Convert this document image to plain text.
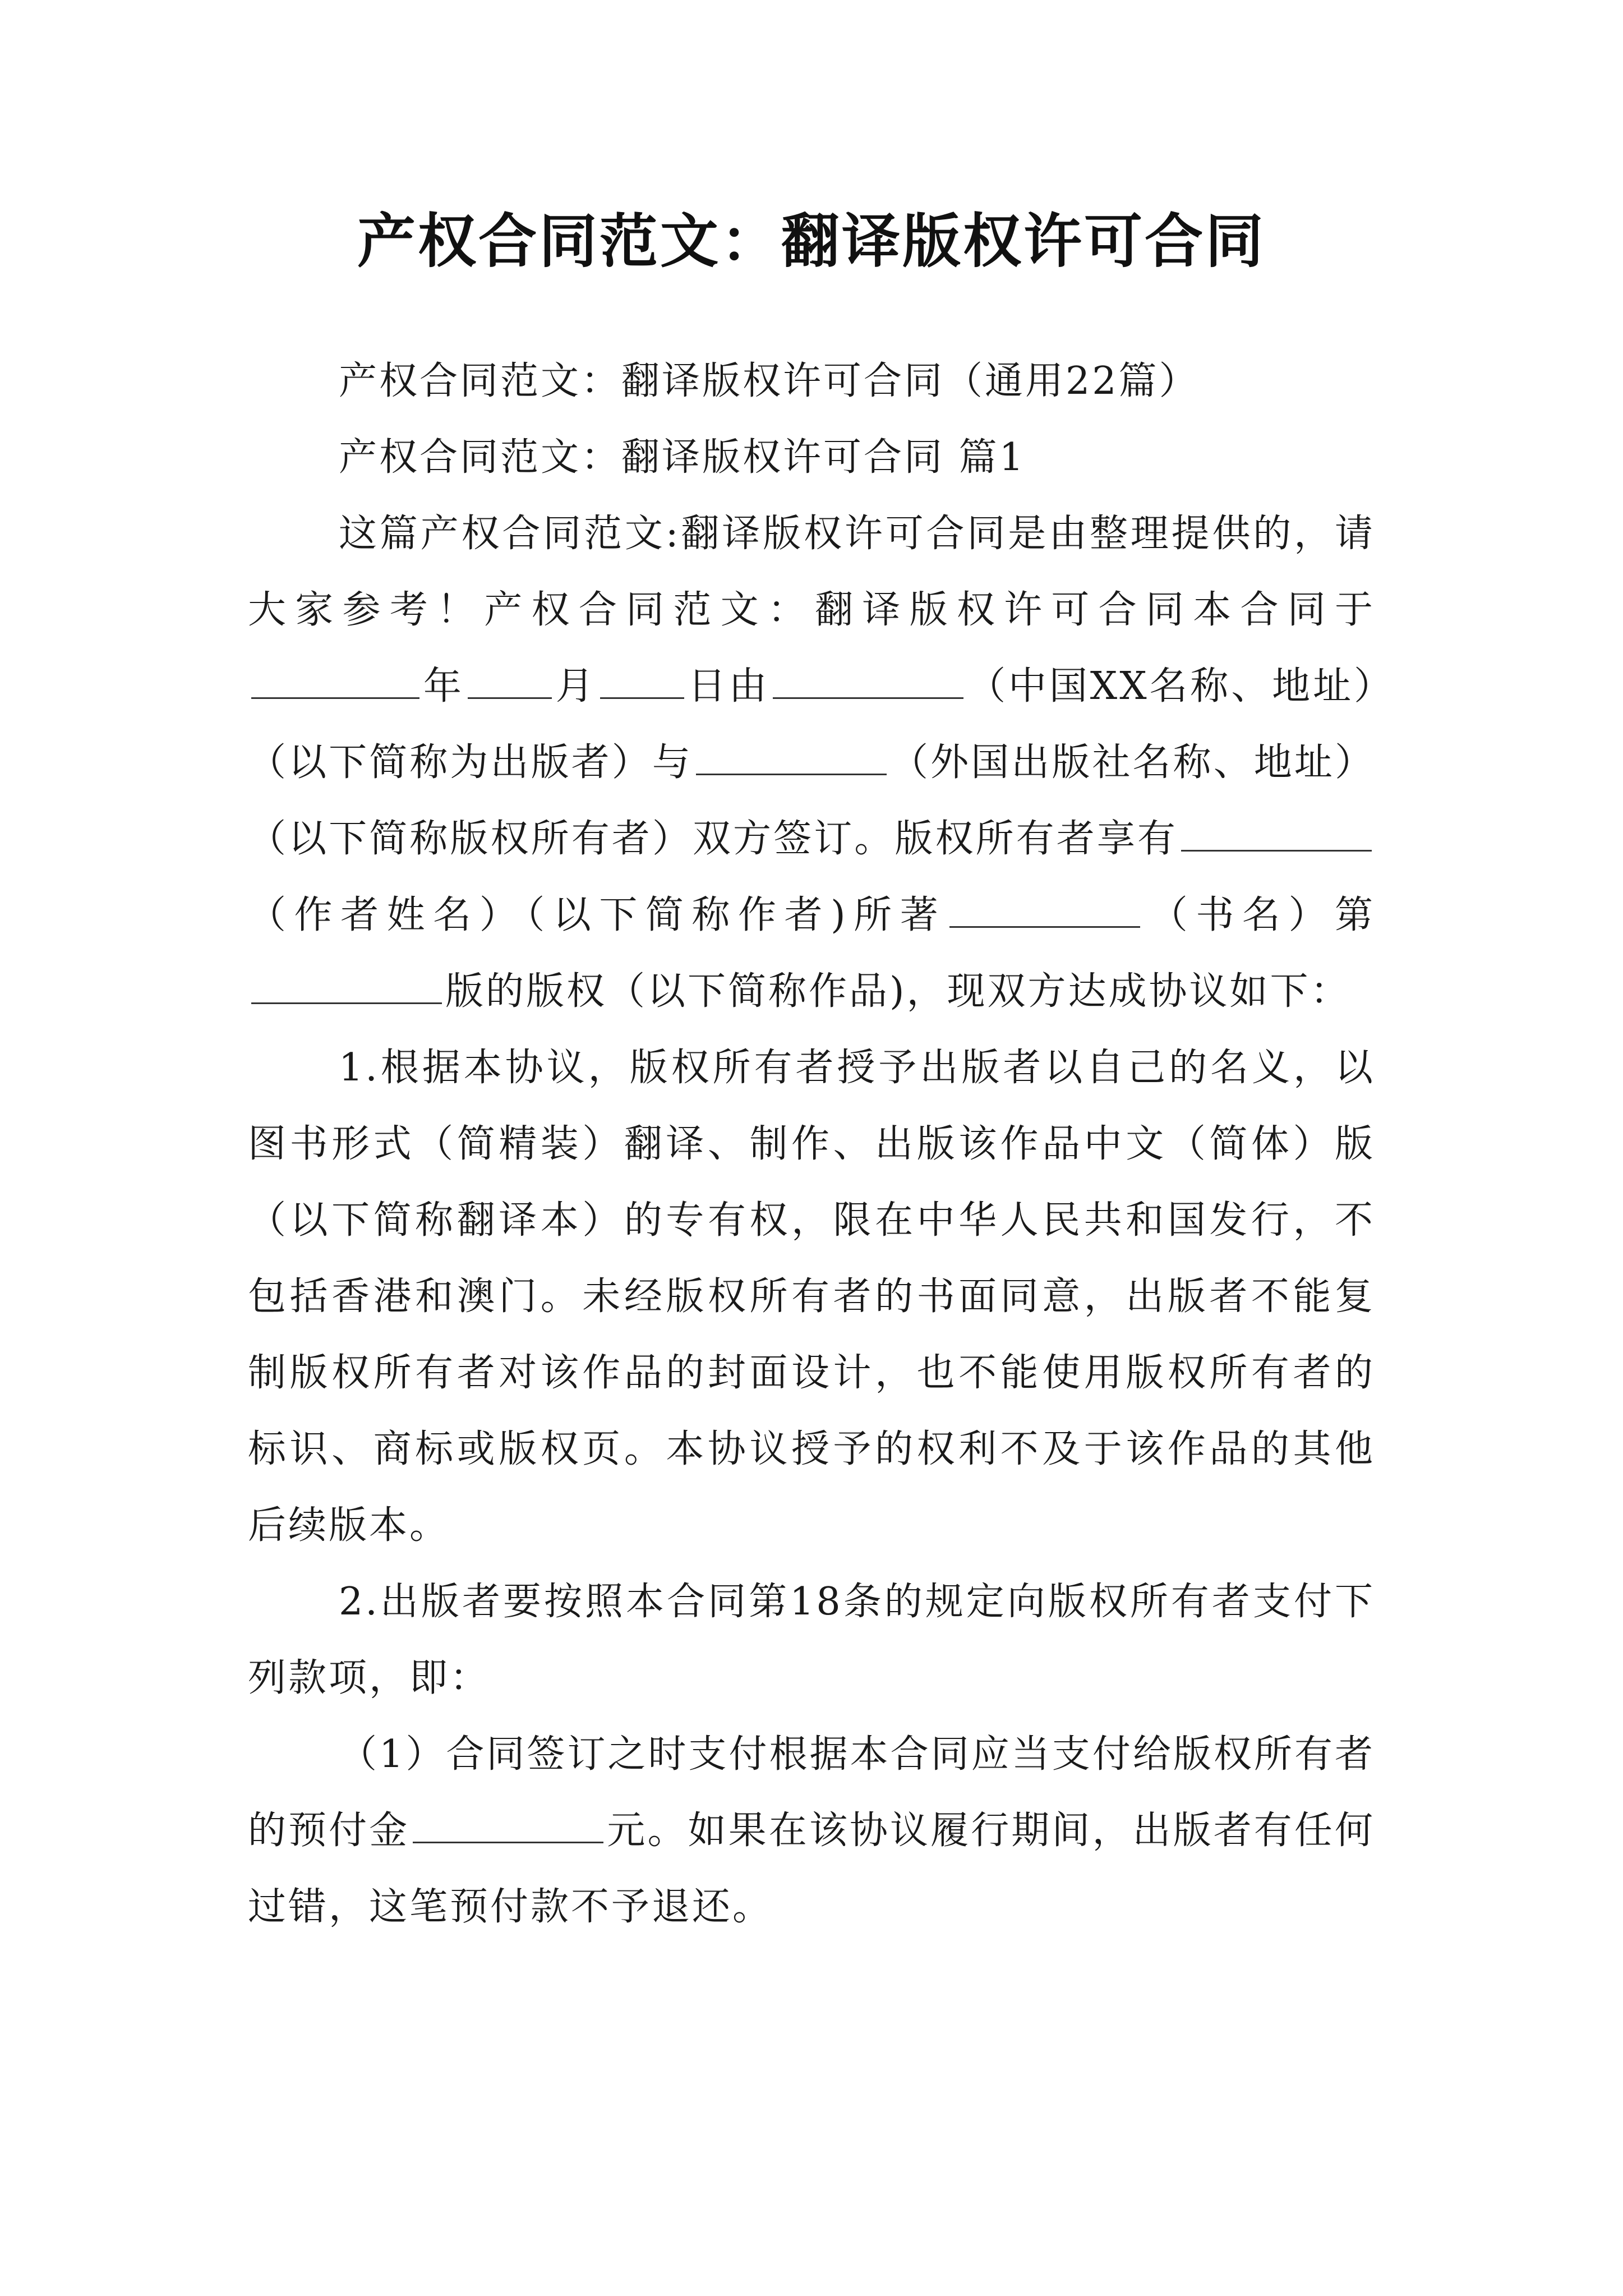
产权合同范文：翻译版权许可合同

产权合同范文：翻译版权许可合同（通用22篇）

产权合同范文：翻译版权许可合同 篇1

这篇产权合同范文:翻译版权许可合同是由整理提供的，请大家参考！产权合同范文：翻译版权许可合同本合同于年 月 日由	（中国XX名称、地址）（以下简称为出版者）与	（外国出版社名称、地址）（以下简称版权所有者）双方签订。版权所有者享有（作者姓名）（以下简称作者)所著	（书名）第版的版权（以下简称作品)，现双方达成协议如下：

1.根据本协议，版权所有者授予出版者以自己的名义，以图书形式（简精装）翻译、制作、出版该作品中文（简体）版（以下简称翻译本）的专有权，限在中华人民共和国发行，不包括香港和澳门。未经版权所有者的书面同意，出版者不能复制版权所有者对该作品的封面设计，也不能使用版权所有者的标识、商标或版权页。本协议授予的权利不及于该作品的其他后续版本。

2.出版者要按照本合同第18条的规定向版权所有者支付下列款项，即：

（1）合同签订之时支付根据本合同应当支付给版权所有者的预付金	元。如果在该协议履行期间，出版者有任何过错，这笔预付款不予退还。
